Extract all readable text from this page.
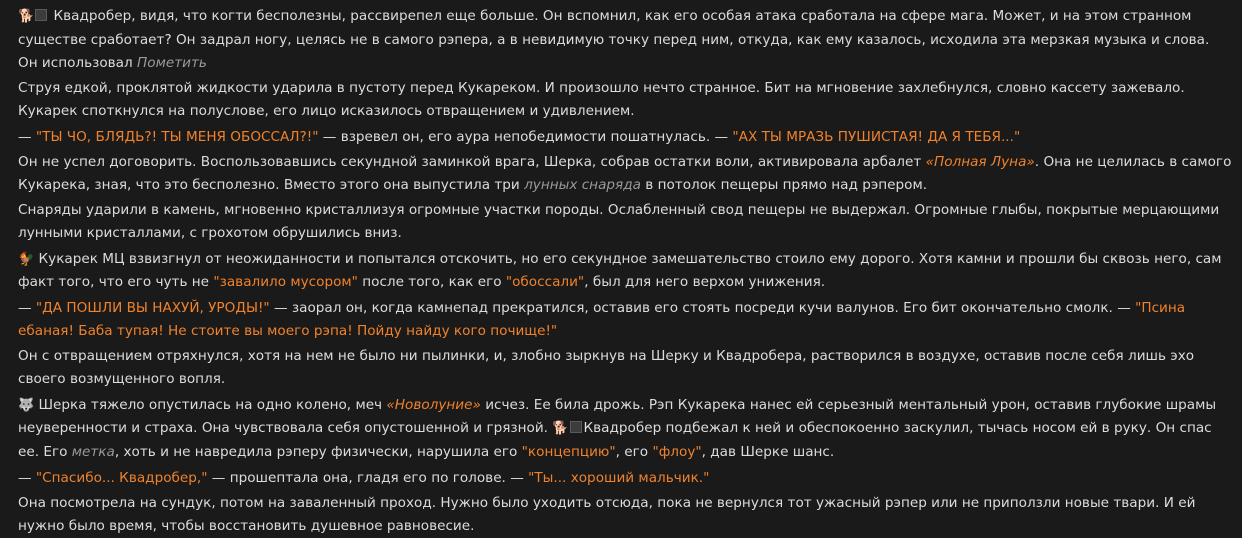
🐕 Квадробер, видя, что когти бесполезны, рассвирепел еще больше. Он вспомнил, как его особая атака сработала на сфере мага. Может, и на этом странном существе сработает? Он задрал ногу, целясь не в самого рэпера, а в невидимую точку перед ним, откуда, как ему казалось, исходила эта мерзкая музыка и слова. Он использовал Пометить
Струя едкой, проклятой жидкости ударила в пустоту перед Кукареком. И произошло нечто странное. Бит на мгновение захлебнулся, словно кассету зажевало. Кукарек споткнулся на полуслове, его лицо исказилось отвращением и удивлением.
— "ТЫ ЧО, БЛЯДЬ?! ТЫ МЕНЯ ОБОССАЛ?!" — взревел он, его аура непобедимости пошатнулась. — "АХ ТЫ МРАЗЬ ПУШИСТАЯ! ДА Я ТЕБЯ..."
Он не успел договорить. Воспользовавшись секундной заминкой врага, Шерка, собрав остатки воли, активировала арбалет «Полная Луна». Она не целилась в самого Кукарека, зная, что это бесполезно. Вместо этого она выпустила три лунных снаряда в потолок пещеры прямо над рэпером.
Снаряды ударили в камень, мгновенно кристаллизуя огромные участки породы. Ослабленный свод пещеры не выдержал. Огромные глыбы, покрытые мерцающими лунными кристаллами, с грохотом обрушились вниз.
🐓 Кукарек МЦ взвизгнул от неожиданности и попытался отскочить, но его секундное замешательство стоило ему дорого. Хотя камни и прошли бы сквозь него, сам факт того, что его чуть не "завалило мусором" после того, как его "обоссали", был для него верхом унижения.
— "ДА ПОШЛИ ВЫ НАХУЙ, УРОДЫ!" — заорал он, когда камнепад прекратился, оставив его стоять посреди кучи валунов. Его бит окончательно смолк. — "Псина ебаная! Баба тупая! Не стоите вы моего рэпа! Пойду найду кого почище!"
Он с отвращением отряхнулся, хотя на нем не было ни пылинки, и, злобно зыркнув на Шерку и Квадробера, растворился в воздухе, оставив после себя лишь эхо своего возмущенного вопля.
🐺 Шерка тяжело опустилась на одно колено, меч «Новолуние» исчез. Ее била дрожь. Рэп Кукарека нанес ей серьезный ментальный урон, оставив глубокие шрамы неуверенности и страха. Она чувствовала себя опустошенной и грязной. 🐕 Квадробер подбежал к ней и обеспокоенно заскулил, тычась носом ей в руку. Он спас ее. Его метка, хоть и не навредила рэперу физически, нарушила его "концепцию", его "флоу", дав Шерке шанс.
— "Спасибо... Квадробер," — прошептала она, гладя его по голове. — "Ты... хороший мальчик."
Она посмотрела на сундук, потом на заваленный проход. Нужно было уходить отсюда, пока не вернулся тот ужасный рэпер или не приползли новые твари. И ей нужно было время, чтобы восстановить душевное равновесие.
